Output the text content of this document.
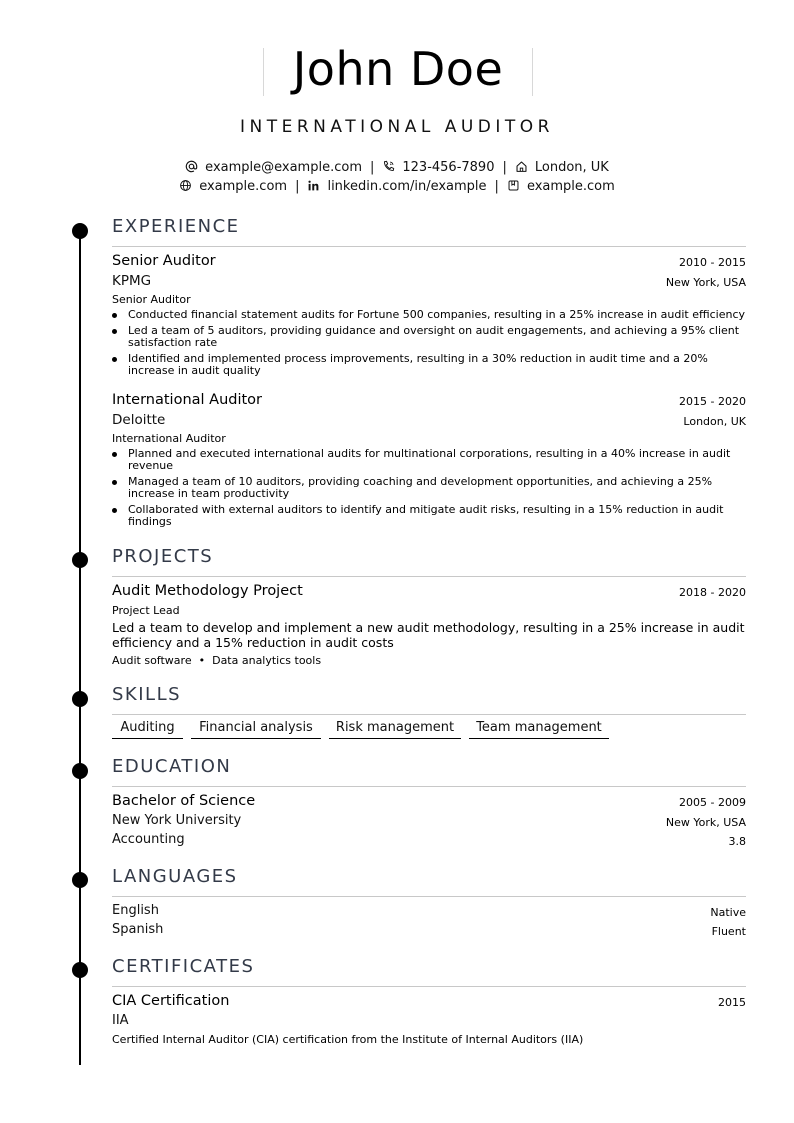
John Doe
INTERNATIONAL AUDITOR
example@example.com | 123-456-7890 | London, UK
example.com | linkedin.com/in/example | example.com
EXPERIENCE
Senior Auditor	2010 - 2015
KPMG	New York, USA
Senior Auditor
Conducted financial statement audits for Fortune 500 companies, resulting in a 25% increase in audit efficiency
Led a team of 5 auditors, providing guidance and oversight on audit engagements, and achieving a 95% client satisfaction rate
Identified and implemented process improvements, resulting in a 30% reduction in audit time and a 20% increase in audit quality
International Auditor	2015 - 2020
Deloitte	London, UK
International Auditor
Planned and executed international audits for multinational corporations, resulting in a 40% increase in audit revenue
Managed a team of 10 auditors, providing coaching and development opportunities, and achieving a 25% increase in team productivity
Collaborated with external auditors to identify and mitigate audit risks, resulting in a 15% reduction in audit findings
PROJECTS
Audit Methodology Project	2018 - 2020
Project Lead
Led a team to develop and implement a new audit methodology, resulting in a 25% increase in audit efficiency and a 15% reduction in audit costs
Audit software • Data analytics tools
SKILLS
Auditing	Financial analysis	Risk management	Team management
EDUCATION
Bachelor of Science	2005 - 2009
New York University	New York, USA
Accounting	3.8
LANGUAGES
English	Native
Spanish	Fluent
CERTIFICATES
CIA Certification	2015
IIA
Certified Internal Auditor (CIA) certification from the Institute of Internal Auditors (IIA)
